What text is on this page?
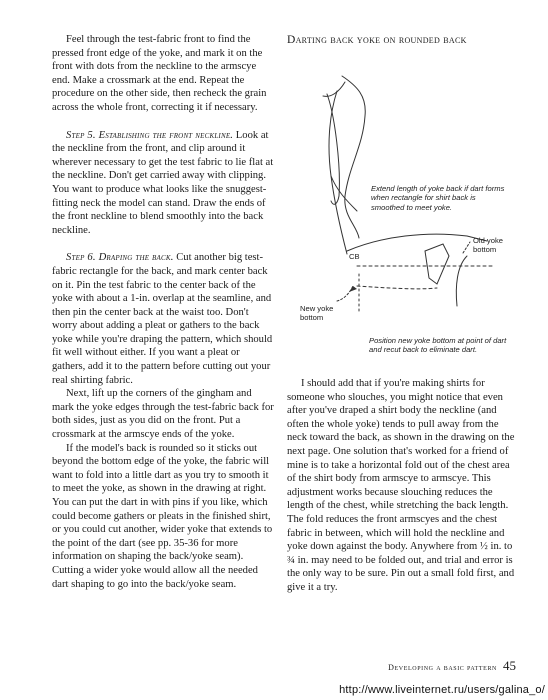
Feel through the test-fabric front to find the pressed front edge of the yoke, and mark it on the front with dots from the neckline to the armscye end. Make a crossmark at the end. Repeat the procedure on the other side, then recheck the grain across the whole front, correcting it if necessary.

Step 5. Establishing the front neckline. Look at the neckline from the front, and clip around it wherever necessary to get the test fabric to lie flat at the neckline. Don't get carried away with clipping. You want to produce what looks like the snuggest-fitting neck the model can stand. Draw the ends of the front neckline to blend smoothly into the back neckline.

Step 6. Draping the back. Cut another big test-fabric rectangle for the back, and mark center back on it. Pin the test fabric to the center back of the yoke with about a 1-in. overlap at the seamline, and then pin the center back at the waist too. Don't worry about adding a pleat or gathers to the back yoke while you're draping the pattern, which should fit well without either. If you want a pleat or gathers, add it to the pattern before cutting out your real shirting fabric.

Next, lift up the corners of the gingham and mark the yoke edges through the test-fabric back for both sides, just as you did on the front. Put a crossmark at the armscye ends of the yoke.

If the model's back is rounded so it sticks out beyond the bottom edge of the yoke, the fabric will want to fold into a little dart as you try to smooth it to meet the yoke, as shown in the drawing at right. You can put the dart in with pins if you like, which could become gathers or pleats in the finished shirt, or you could cut another, wider yoke that extends to the point of the dart (see pp. 35-36 for more information on shaping the back/yoke seam). Cutting a wider yoke would allow all the needed dart shaping to go into the back/yoke seam.

Darting back yoke on rounded back
Extend length of yoke back if dart forms when rectangle for shirt back is smoothed to meet yoke.
CB
Old yoke bottom
New yoke bottom
Position new yoke bottom at point of dart and recut back to eliminate dart.

I should add that if you're making shirts for someone who slouches, you might notice that even after you've draped a shirt body the neckline (and often the whole yoke) tends to pull away from the neck toward the back, as shown in the drawing on the next page. One solution that's worked for a friend of mine is to take a horizontal fold out of the chest area of the shirt body from armscye to armscye. This adjustment works because slouching reduces the length of the chest, while stretching the back length. The fold reduces the front armscyes and the chest fabric in between, which will hold the neckline and yoke down against the body. Anywhere from ½ in. to ¾ in. may need to be folded out, and trial and error is the only way to be sure. Pin out a small fold first, and give it a try.

Developing a basic pattern 45
http://www.liveinternet.ru/users/galina_o/
